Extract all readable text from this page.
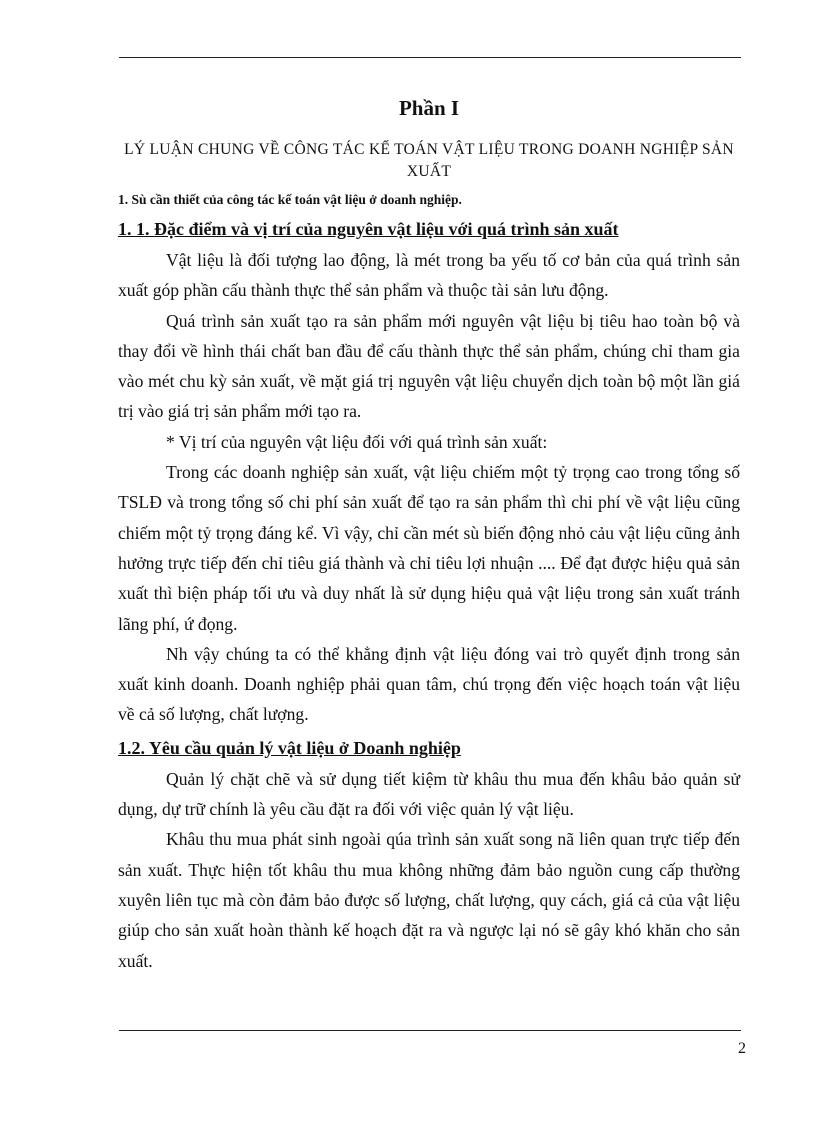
Phần I
LÝ LUẬN CHUNG VỀ CÔNG TÁC KẾ TOÁN VẬT LIỆU TRONG DOANH NGHIỆP SẢN XUẤT
1. Sù cần thiết của công tác kế toán vật liệu ở doanh nghiệp.
1. 1. Đặc điểm và vị trí của nguyên vật liệu với quá trình sản xuất

Vật liệu là đối tượng lao động, là mét trong ba yếu tố cơ bản của quá trình sản xuất góp phần cấu thành thực thể sản phẩm và thuộc tài sản lưu động.

Quá trình sản xuất tạo ra sản phẩm mới nguyên vật liệu bị tiêu hao toàn bộ và thay đổi về hình thái chất ban đầu để cấu thành thực thể sản phẩm, chúng chỉ tham gia vào mét chu kỳ sản xuất, về mặt giá trị nguyên vật liệu chuyển dịch toàn bộ một lần giá trị vào giá trị sản phẩm mới tạo ra.

* Vị trí của nguyên vật liệu đối với quá trình sản xuất:

Trong các doanh nghiệp sản xuất, vật liệu chiếm một tỷ trọng cao trong tổng số TSLĐ và trong tổng số chi phí sản xuất để tạo ra sản phẩm thì chi phí về vật liệu cũng chiếm một tỷ trọng đáng kể. Vì vậy, chỉ cần mét sù biến động nhỏ cảu vật liệu cũng ảnh hưởng trực tiếp đến chỉ tiêu giá thành và chỉ tiêu lợi nhuận .... Để đạt được hiệu quả sản xuất thì biện pháp tối ưu và duy nhất là sử dụng hiệu quả vật liệu trong sản xuất tránh lãng phí, ứ đọng.

Nh vậy chúng ta có thể khẳng định vật liệu đóng vai trò quyết định trong sản xuất kinh doanh. Doanh nghiệp phải quan tâm, chú trọng đến việc hoạch toán vật liệu về cả số lượng, chất lượng.

1.2. Yêu cầu quản lý vật liệu ở Doanh nghiệp

Quản lý chặt chẽ và sử dụng tiết kiệm từ khâu thu mua đến khâu bảo quản sử dụng, dự trữ chính là yêu cầu đặt ra đối với việc quản lý vật liệu.

Khâu thu mua phát sinh ngoài qúa trình sản xuất song nã liên quan trực tiếp đến sản xuất. Thực hiện tốt khâu thu mua không những đảm bảo nguồn cung cấp thường xuyên liên tục mà còn đảm bảo được số lượng, chất lượng, quy cách, giá cả của vật liệu giúp cho sản xuất hoàn thành kế hoạch đặt ra và ngược lại nó sẽ gây khó khăn cho sản xuất.

2
